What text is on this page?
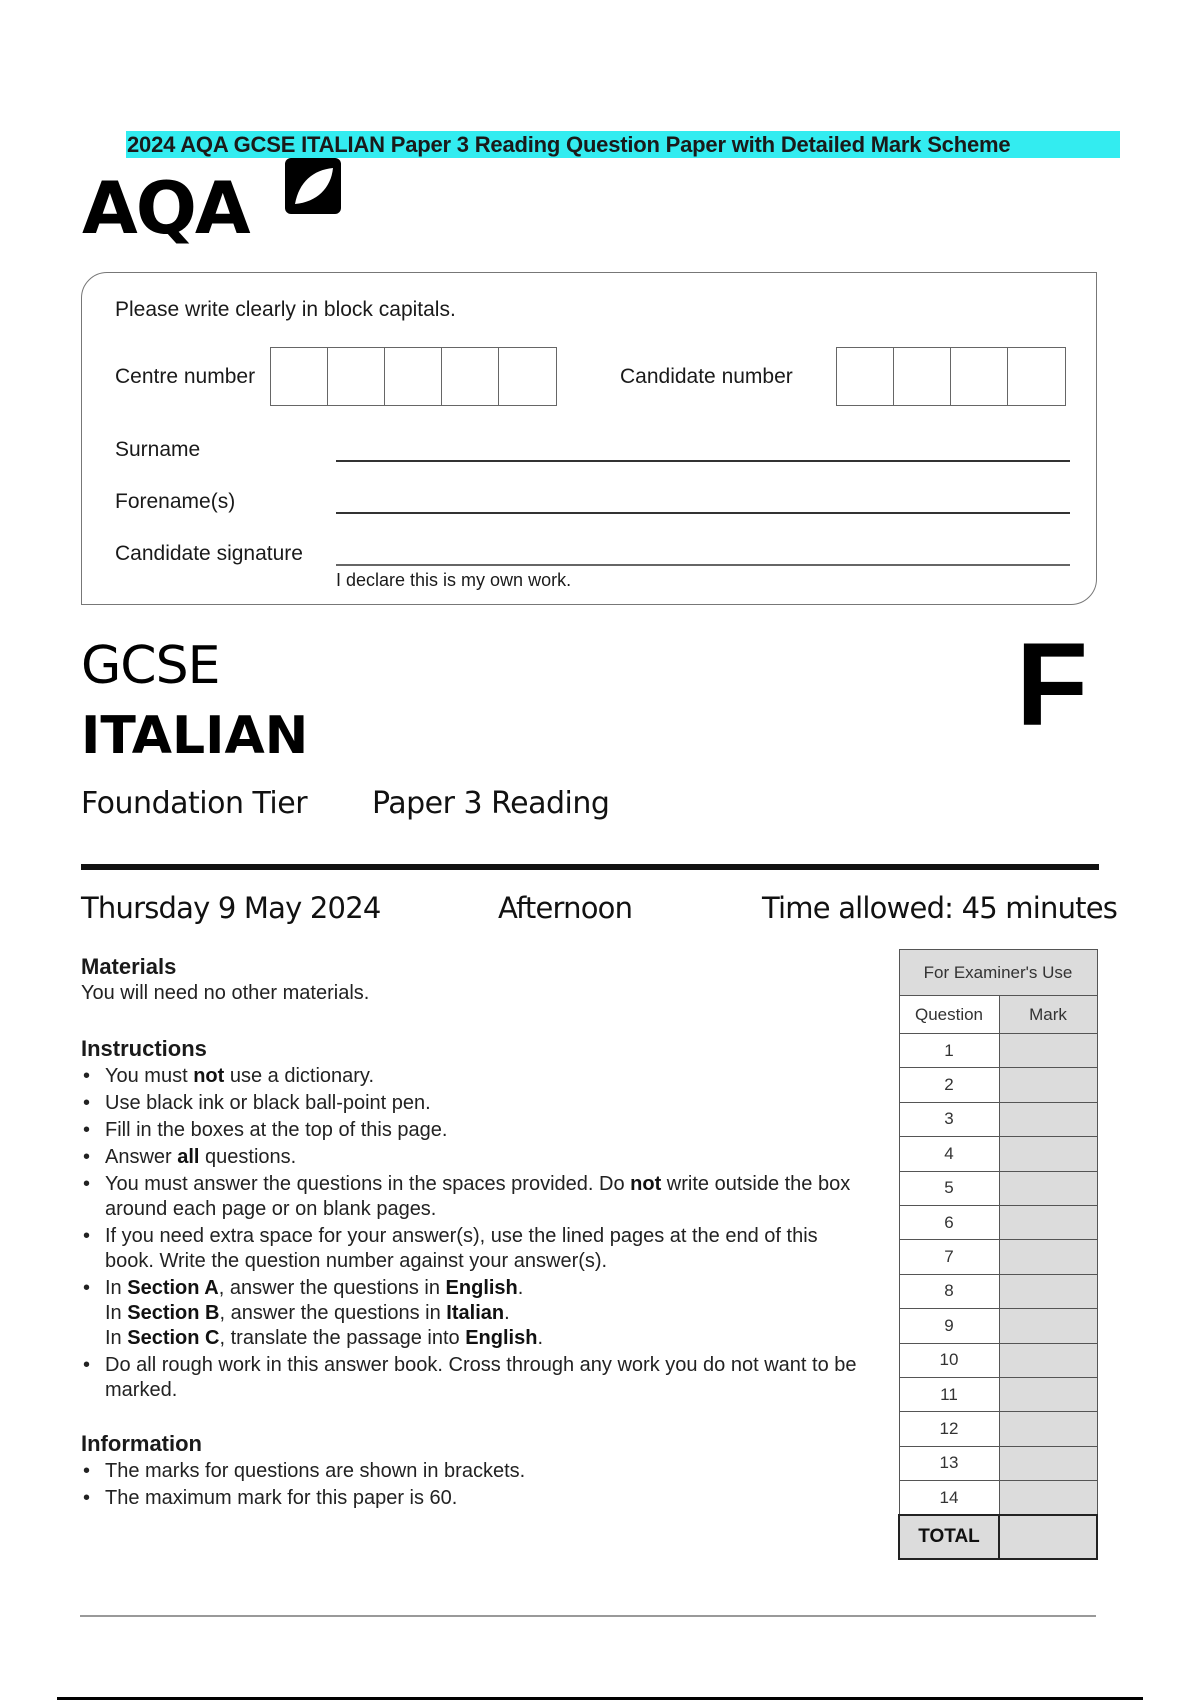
2024 AQA GCSE ITALIAN Paper 3 Reading Question Paper with Detailed Mark Scheme
AQA
Please write clearly in block capitals.
Centre number	Candidate number
Surname
Forename(s)
Candidate signature
I declare this is my own work.
GCSE
ITALIAN	F
Foundation Tier Paper 3 Reading
Thursday 9 May 2024	Afternoon	Time allowed: 45 minutes
Materials
You will need no other materials.
Instructions
• You must not use a dictionary.
• Use black ink or black ball-point pen.
• Fill in the boxes at the top of this page.
• Answer all questions.
• You must answer the questions in the spaces provided. Do not write outside the box around each page or on blank pages.
• If you need extra space for your answer(s), use the lined pages at the end of this book. Write the question number against your answer(s).
• In Section A, answer the questions in English.
In Section B, answer the questions in Italian.
In Section C, translate the passage into English.
• Do all rough work in this answer book. Cross through any work you do not want to be marked.
Information
• The marks for questions are shown in brackets.
• The maximum mark for this paper is 60.
For Examiner's Use	
Question	Mark
1	
2	
3	
4	
5	
6	
7	
8	
9	
10	
11	
12	
13	
14	
TOTAL	
